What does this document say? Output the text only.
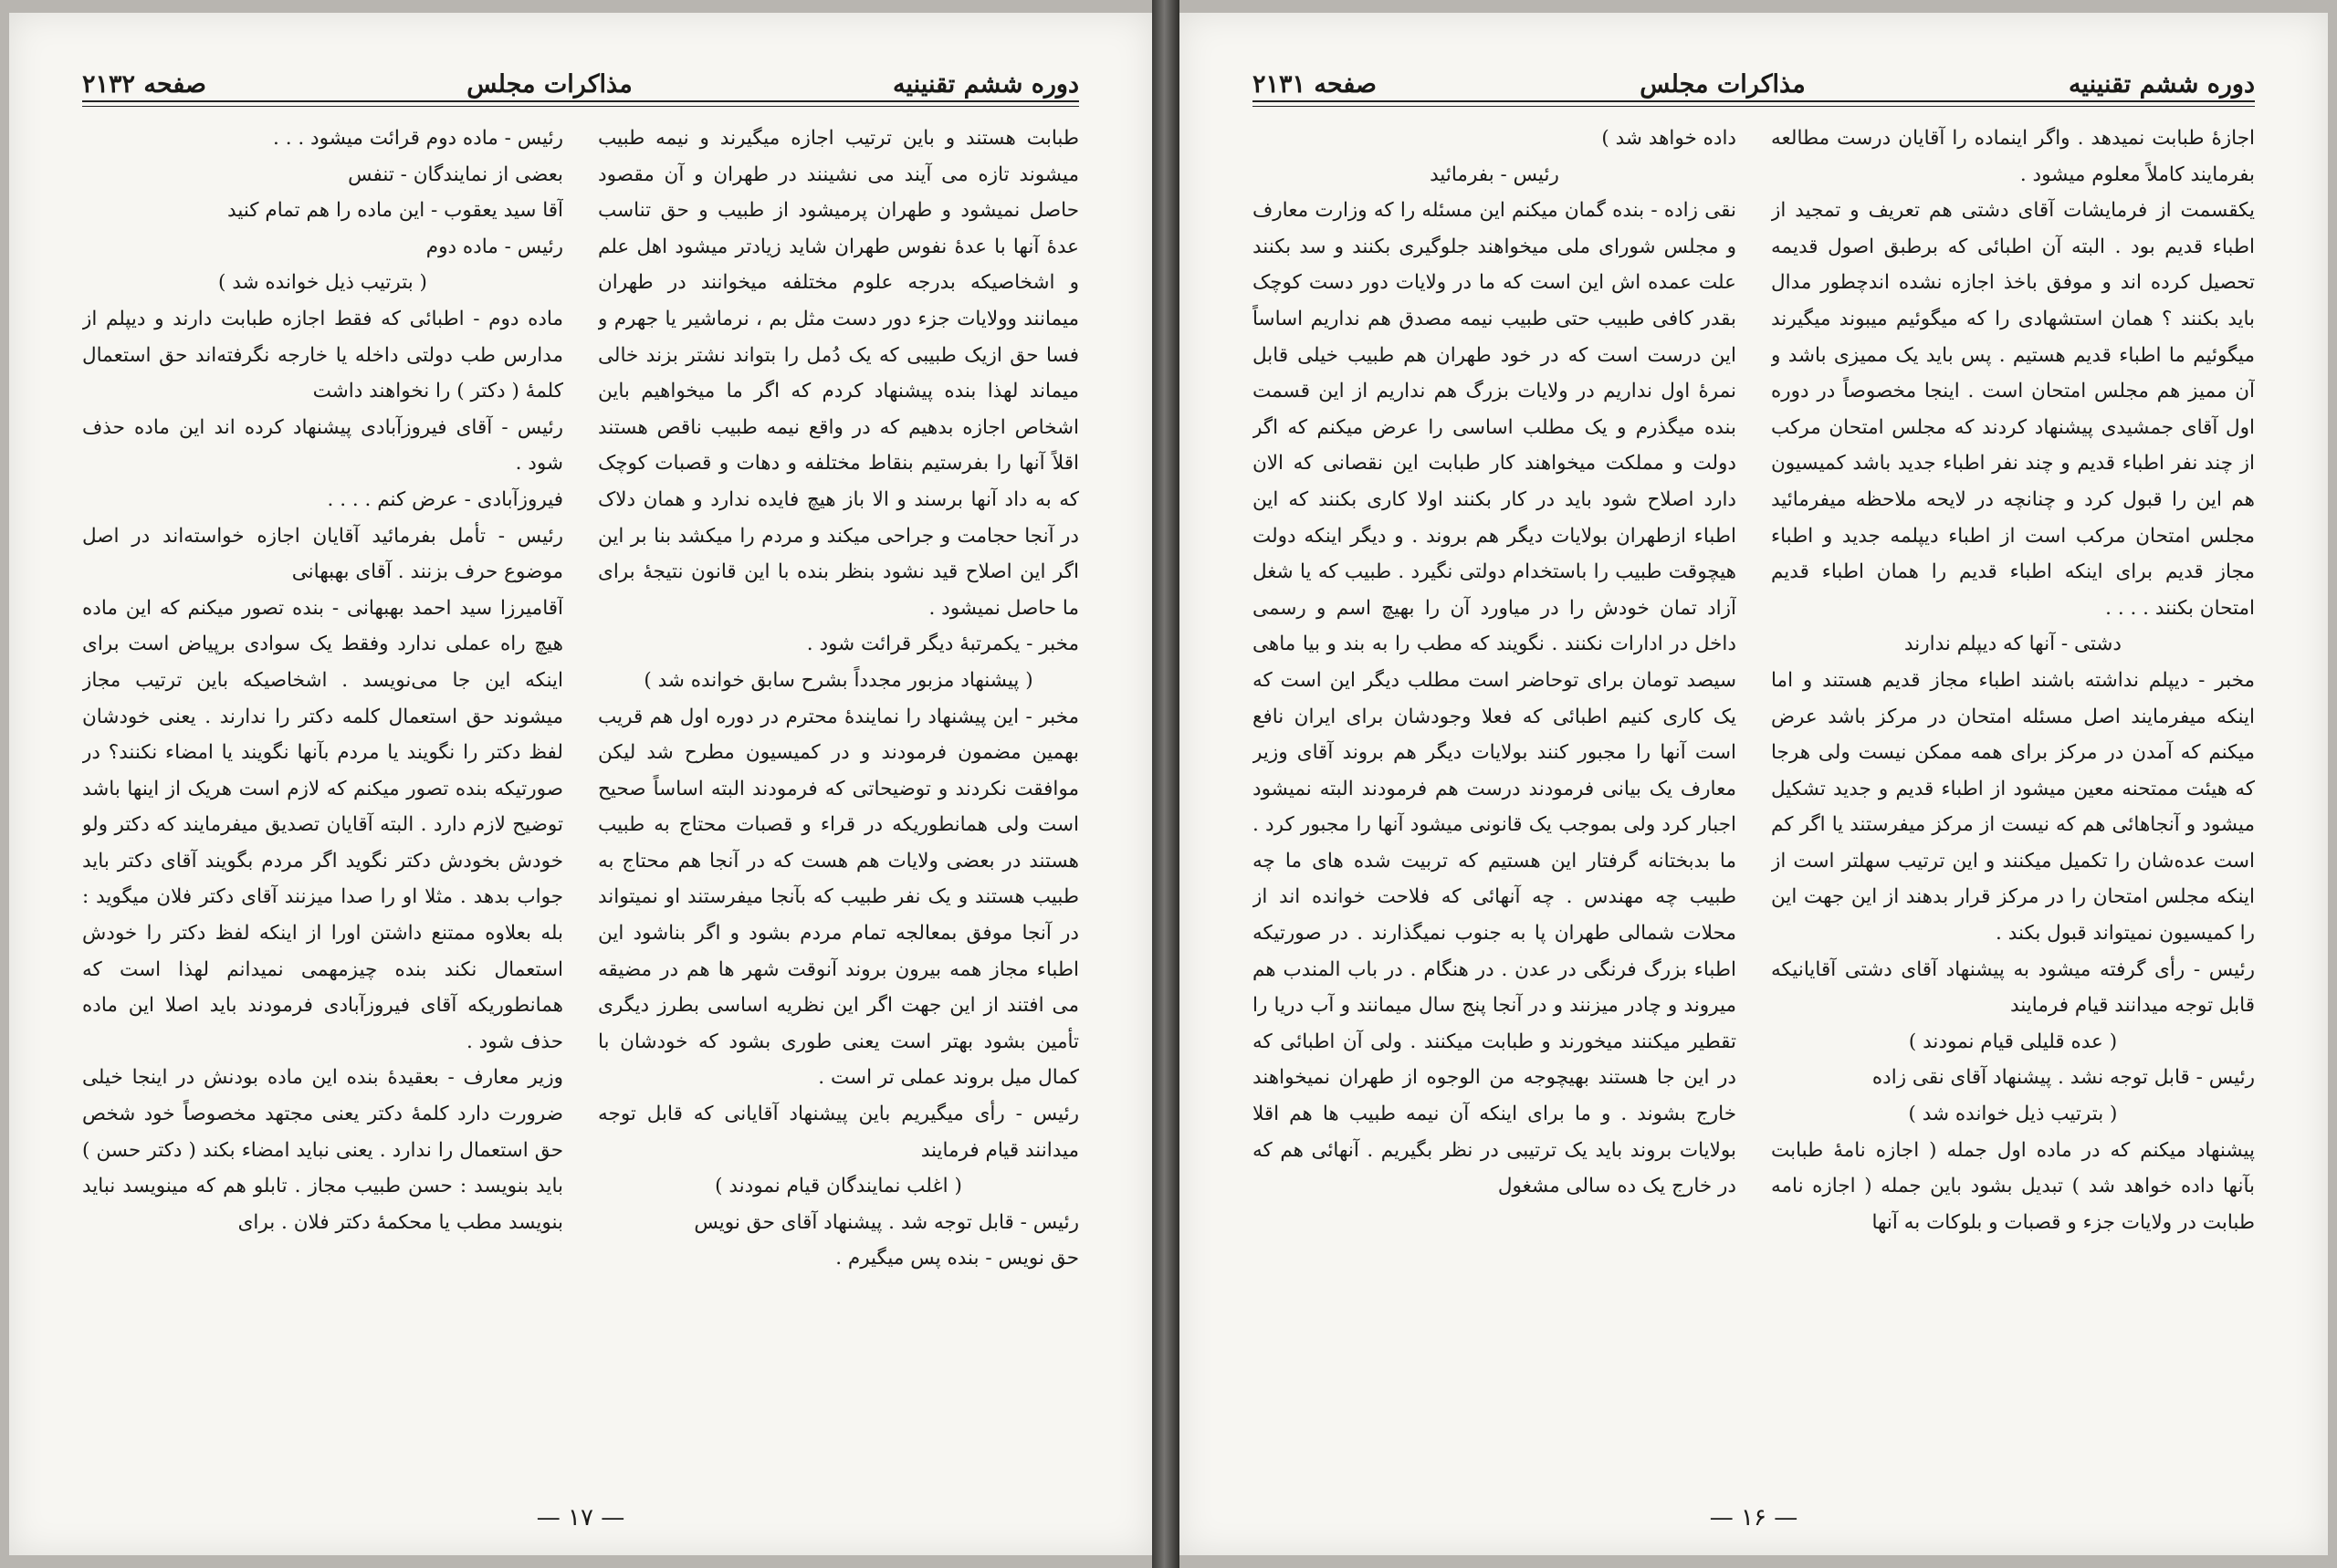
دوره ششم تقنینیه
مذاکرات مجلس
صفحه ۲۱۳۲
طبابت هستند و باین ترتیب اجازه میگیرند و نیمه طبیب میشوند تازه می آیند می نشینند در طهران و آن مقصود حاصل نمیشود و طهران پرمیشود از طبیب و حق تناسب عدهٔ آنها با عدهٔ نفوس طهران شاید زیادتر میشود اهل علم و اشخاصیکه بدرجه علوم مختلفه میخوانند در طهران میمانند وولایات جزء دور دست مثل بم ، نرماشیر یا جهرم و فسا حق ازیک طبیبی که یک دُمل را بتواند نشتر بزند خالی میماند لهذا بنده پیشنهاد کردم که اگر ما میخواهیم باین اشخاص اجازه بدهیم که در واقع نیمه طبیب ناقص هستند اقلاً آنها را بفرستیم بنقاط مختلفه و دهات و قصبات کوچک که به داد آنها برسند و الا باز هیچ فایده ندارد و همان دلاک در آنجا حجامت و جراحی میکند و مردم را میکشد بنا بر این اگر این اصلاح قید نشود بنظر بنده با این قانون نتیجهٔ برای ما حاصل نمیشود .
مخبر - یکمرتبهٔ دیگر قرائت شود .
( پیشنهاد مزبور مجدداً بشرح سابق خوانده شد )
مخبر - این پیشنهاد را نمایندهٔ محترم در دوره اول هم قریب بهمین مضمون فرمودند و در کمیسیون مطرح شد لیکن موافقت نکردند و توضیحاتی که فرمودند البته اساساً صحیح است ولی همانطوریکه در قراء و قصبات محتاج به طبیب هستند در بعضی ولایات هم هست که در آنجا هم محتاج به طبیب هستند و یک نفر طبیب که بآنجا میفرستند او نمیتواند در آنجا موفق بمعالجه تمام مردم بشود و اگر بناشود این اطباء مجاز همه بیرون بروند آنوقت شهر ها هم در مضیقه می افتند از این جهت اگر این نظریه اساسی بطرز دیگری تأمین بشود بهتر است یعنی طوری بشود که خودشان با کمال میل بروند عملی تر است .
رئیس - رأی میگیریم باین پیشنهاد آقایانی که قابل توجه میدانند قیام فرمایند
( اغلب نمایندگان قیام نمودند )
رئیس - قابل توجه شد . پیشنهاد آقای حق نویس
حق نویس - بنده پس میگیرم .
رئیس - ماده دوم قرائت میشود . . .
بعضی از نمایندگان - تنفس
آقا سید یعقوب - این ماده را هم تمام کنید
رئیس - ماده دوم
( بترتیب ذیل خوانده شد )
ماده دوم - اطبائی که فقط اجازه طبابت دارند و دیپلم از مدارس طب دولتی داخله یا خارجه نگرفته‌اند حق استعمال کلمهٔ ( دکتر ) را نخواهند داشت
رئیس - آقای فیروزآبادی پیشنهاد کرده اند این ماده حذف شود .
فیروزآبادی - عرض کنم . . . .
رئیس - تأمل بفرمائید آقایان اجازه خواسته‌اند در اصل موضوع حرف بزنند . آقای بهبهانی
آقامیرزا سید احمد بهبهانی - بنده تصور میکنم که این ماده هیچ راه عملی ندارد وفقط یک سوادی برپیاض است برای اینکه این جا می‌نویسد . اشخاصیکه باین ترتیب مجاز میشوند حق استعمال کلمه دکتر را ندارند . یعنی خودشان لفظ دکتر را نگویند یا مردم بآنها نگویند یا امضاء نکنند؟ در صورتیکه بنده تصور میکنم که لازم است هریک از اینها باشد توضیح لازم دارد . البته آقایان تصدیق میفرمایند که دکتر ولو خودش بخودش دکتر نگوید اگر مردم بگویند آقای دکتر باید جواب بدهد . مثلا او را صدا میزنند آقای دکتر فلان میگوید : بله بعلاوه ممتنع داشتن اورا از اینکه لفظ دکتر را خودش استعمال نکند بنده چیزمهمی نمیدانم لهذا است که همانطوریکه آقای فیروزآبادی فرمودند باید اصلا این ماده حذف شود .
وزیر معارف - بعقیدهٔ بنده این ماده بودنش در اینجا خیلی ضرورت دارد کلمهٔ دکتر یعنی مجتهد مخصوصاً خود شخص حق استعمال را ندارد . یعنی نباید امضاء بکند ( دکتر حسن ) باید بنویسد : حسن طبیب مجاز . تابلو هم که مینویسد نباید بنویسد مطب یا محکمهٔ دکتر فلان . برای
— ۱۷ —
دوره ششم تقنینیه
مذاکرات مجلس
صفحه ۲۱۳۱
اجازهٔ طبابت نمیدهد . واگر اینماده را آقایان درست مطالعه بفرمایند کاملاً معلوم میشود .
یکقسمت از فرمایشات آقای دشتی هم تعریف و تمجید از اطباء قدیم بود . البته آن اطبائی که برطبق اصول قدیمه تحصیل کرده اند و موفق باخذ اجازه نشده اندچطور مدال باید بکنند ؟ همان استشهادی را که میگوئیم میبوند میگیرند میگوئیم ما اطباء قدیم هستیم . پس باید یک ممیزی باشد و آن ممیز هم مجلس امتحان است . اینجا مخصوصاً در دوره اول آقای جمشیدی پیشنهاد کردند که مجلس امتحان مرکب از چند نفر اطباء قدیم و چند نفر اطباء جدید باشد کمیسیون هم این را قبول کرد و چنانچه در لایحه ملاحظه میفرمائید مجلس امتحان مرکب است از اطباء دیپلمه جدید و اطباء مجاز قدیم برای اینکه اطباء قدیم را همان اطباء قدیم امتحان بکنند . . . .
دشتی - آنها که دیپلم ندارند
مخبر - دیپلم نداشته باشند اطباء مجاز قدیم هستند و اما اینکه میفرمایند اصل مسئله امتحان در مرکز باشد عرض میکنم که آمدن در مرکز برای همه ممکن نیست ولی هرجا که هیئت ممتحنه معین میشود از اطباء قدیم و جدید تشکیل میشود و آنجاهائی هم که نیست از مرکز میفرستند یا اگر کم است عده‌شان را تکمیل میکنند و این ترتیب سهلتر است از اینکه مجلس امتحان را در مرکز قرار بدهند از این جهت این را کمیسیون نمیتواند قبول بکند .
رئیس - رأی گرفته میشود به پیشنهاد آقای دشتی آقایانیکه قابل توجه میدانند قیام فرمایند
( عده قلیلی قیام نمودند )
رئیس - قابل توجه نشد . پیشنهاد آقای نقی زاده
( بترتیب ذیل خوانده شد )
پیشنهاد میکنم که در ماده اول جمله ( اجازه نامهٔ طبابت بآنها داده خواهد شد ) تبدیل بشود باین جمله ( اجازه نامه طبابت در ولایات جزء و قصبات و بلوکات به آنها
داده خواهد شد )
رئیس - بفرمائید
نقی زاده - بنده گمان میکنم این مسئله را که وزارت معارف و مجلس شورای ملی میخواهند جلوگیری بکنند و سد بکنند علت عمده اش این است که ما در ولایات دور دست کوچک بقدر کافی طبیب حتی طبیب نیمه مصدق هم نداریم اساساً این درست است که در خود طهران هم طبیب خیلی قابل نمرهٔ اول نداریم در ولایات بزرگ هم نداریم از این قسمت بنده میگذرم و یک مطلب اساسی را عرض میکنم که اگر دولت و مملکت میخواهند کار طبابت این نقصانی که الان دارد اصلاح شود باید در کار بکنند اولا کاری بکنند که این اطباء ازطهران بولایات دیگر هم بروند . و دیگر اینکه دولت هیچوقت طبیب را باستخدام دولتی نگیرد . طبیب که یا شغل آزاد تمان خودش را در میاورد آن را بهیچ اسم و رسمی داخل در ادارات نکنند . نگویند که مطب را به بند و بیا ماهی سیصد تومان برای توحاضر است مطلب دیگر این است که یک کاری کنیم اطبائی که فعلا وجودشان برای ایران نافع است آنها را مجبور کنند بولایات دیگر هم بروند آقای وزیر معارف یک بیانی فرمودند درست هم فرمودند البته نمیشود اجبار کرد ولی بموجب یک قانونی میشود آنها را مجبور کرد . ما بدبختانه گرفتار این هستیم که تربیت شده های ما چه طبیب چه مهندس . چه آنهائی که فلاحت خوانده اند از محلات شمالی طهران پا به جنوب نمیگذارند . در صورتیکه اطباء بزرگ فرنگی در عدن . در هنگام . در باب المندب هم میروند و چادر میزنند و در آنجا پنج سال میمانند و آب دریا را تقطیر میکنند میخورند و طبابت میکنند . ولی آن اطبائی که در این جا هستند بهیچوجه من الوجوه از طهران نمیخواهند خارج بشوند . و ما برای اینکه آن نیمه طبیب ها هم اقلا بولایات بروند باید یک ترتیبی در نظر بگیریم . آنهائی هم که در خارج یک ده سالی مشغول
— ۱۶ —
